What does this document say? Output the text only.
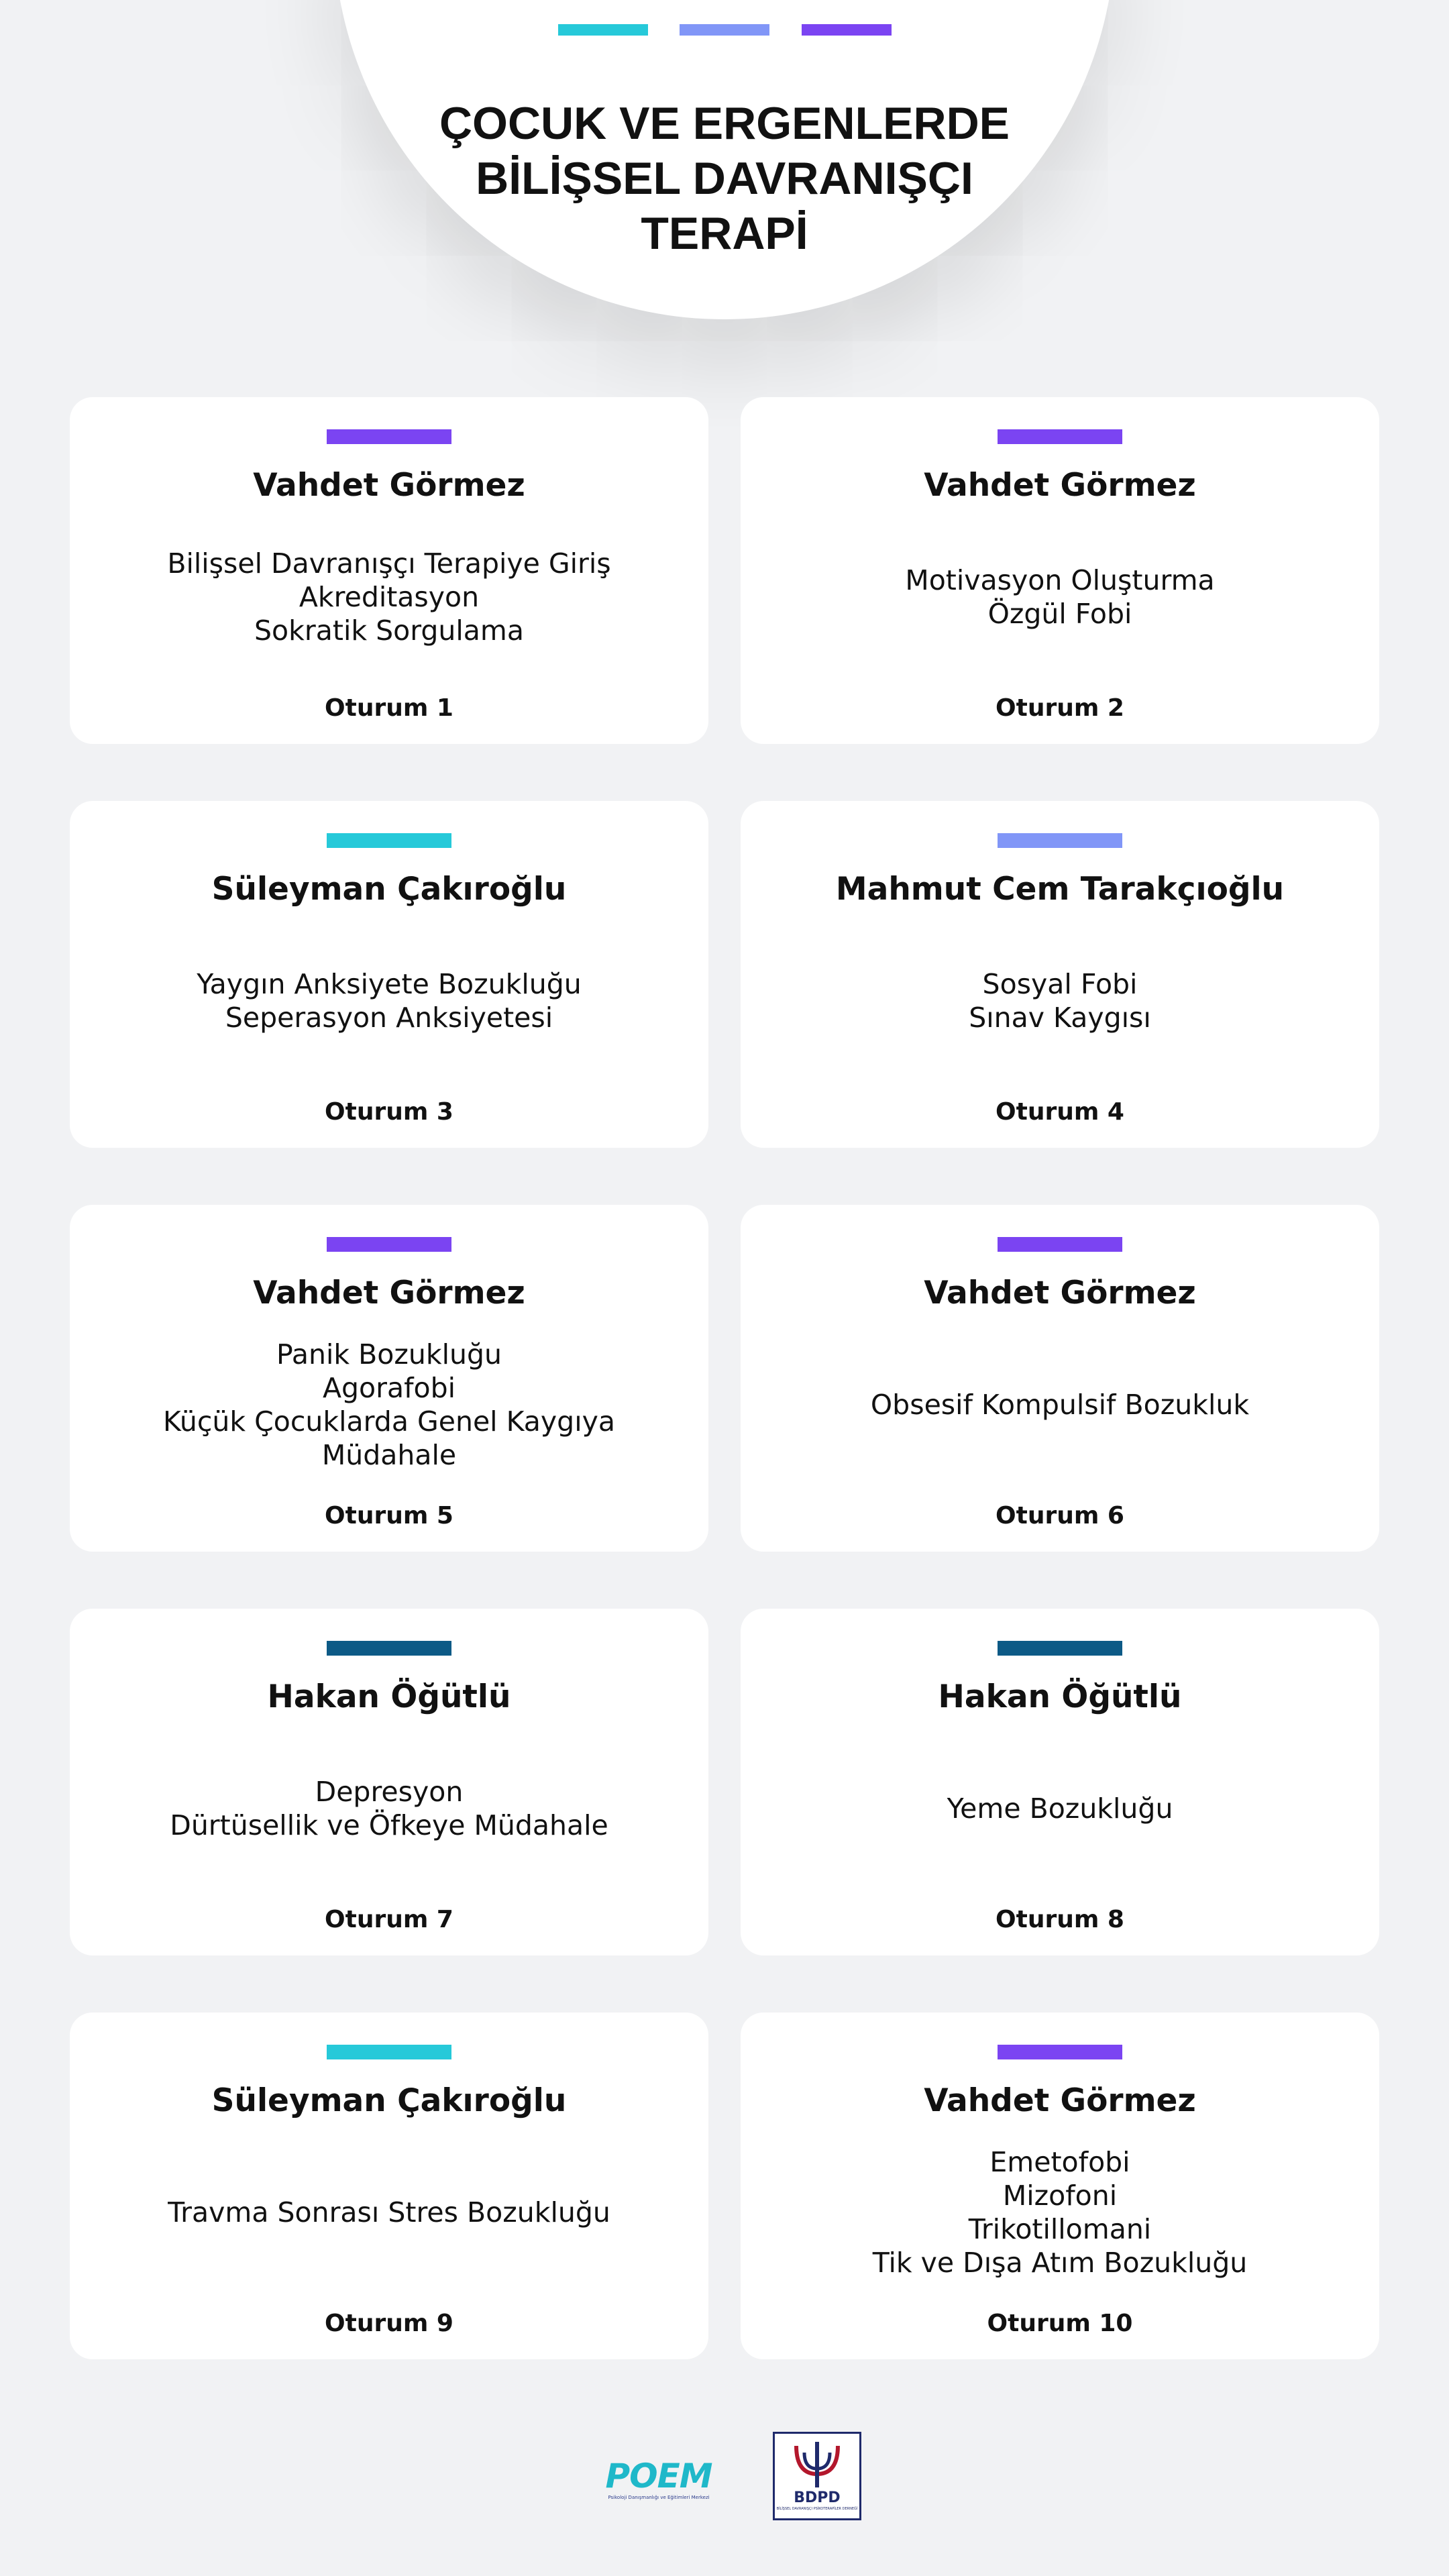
ÇOCUK VE ERGENLERDE
BİLİŞSEL DAVRANIŞÇI
TERAPİ
Vahdet Görmez
Bilişsel Davranışçı Terapiye Giriş
Akreditasyon
Sokratik Sorgulama
Oturum 1
Vahdet Görmez
Motivasyon Oluşturma
Özgül Fobi
Oturum 2
Süleyman Çakıroğlu
Yaygın Anksiyete Bozukluğu
Seperasyon Anksiyetesi
Oturum 3
Mahmut Cem Tarakçıoğlu
Sosyal Fobi
Sınav Kaygısı
Oturum 4
Vahdet Görmez
Panik Bozukluğu
Agorafobi
Küçük Çocuklarda Genel Kaygıya
Müdahale
Oturum 5
Vahdet Görmez
Obsesif Kompulsif Bozukluk
Oturum 6
Hakan Öğütlü
Depresyon
Dürtüsellik ve Öfkeye Müdahale
Oturum 7
Hakan Öğütlü
Yeme Bozukluğu
Oturum 8
Süleyman Çakıroğlu
Travma Sonrası Stres Bozukluğu
Oturum 9
Vahdet Görmez
Emetofobi
Mizofoni
Trikotillomani
Tik ve Dışa Atım Bozukluğu
Oturum 10
POEM
Psikoloji Danışmanlığı ve Eğitimleri Merkezi	BDPD
BİLİŞSEL DAVRANIŞÇI PSİKOTERAPİLER DERNEĞİ
